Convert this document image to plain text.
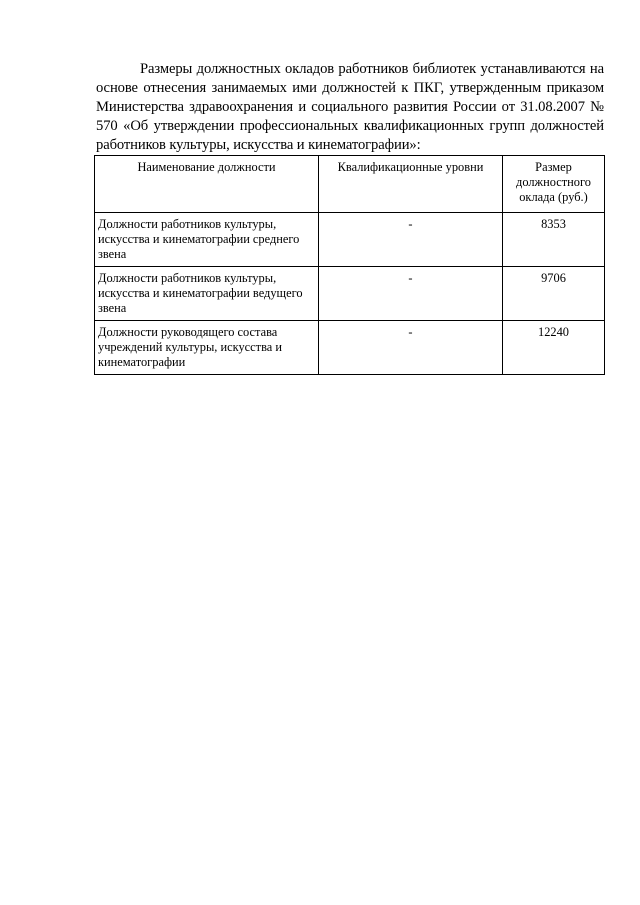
Размеры должностных окладов работников библиотек устанавливаются на основе отнесения занимаемых ими должностей к ПКГ, утвержденным приказом Министерства здравоохранения и социального развития России от 31.08.2007 № 570 «Об утверждении профессиональных квалификационных групп должностей работников культуры, искусства и кинематографии»:

Наименование должности	Квалификационные уровни	Размер должностного оклада (руб.)
Должности работников культуры, искусства и кинематографии среднего звена	-	8353
Должности работников культуры, искусства и кинематографии ведущего звена	-	9706
Должности руководящего состава учреждений культуры, искусства и кинематографии	-	12240
